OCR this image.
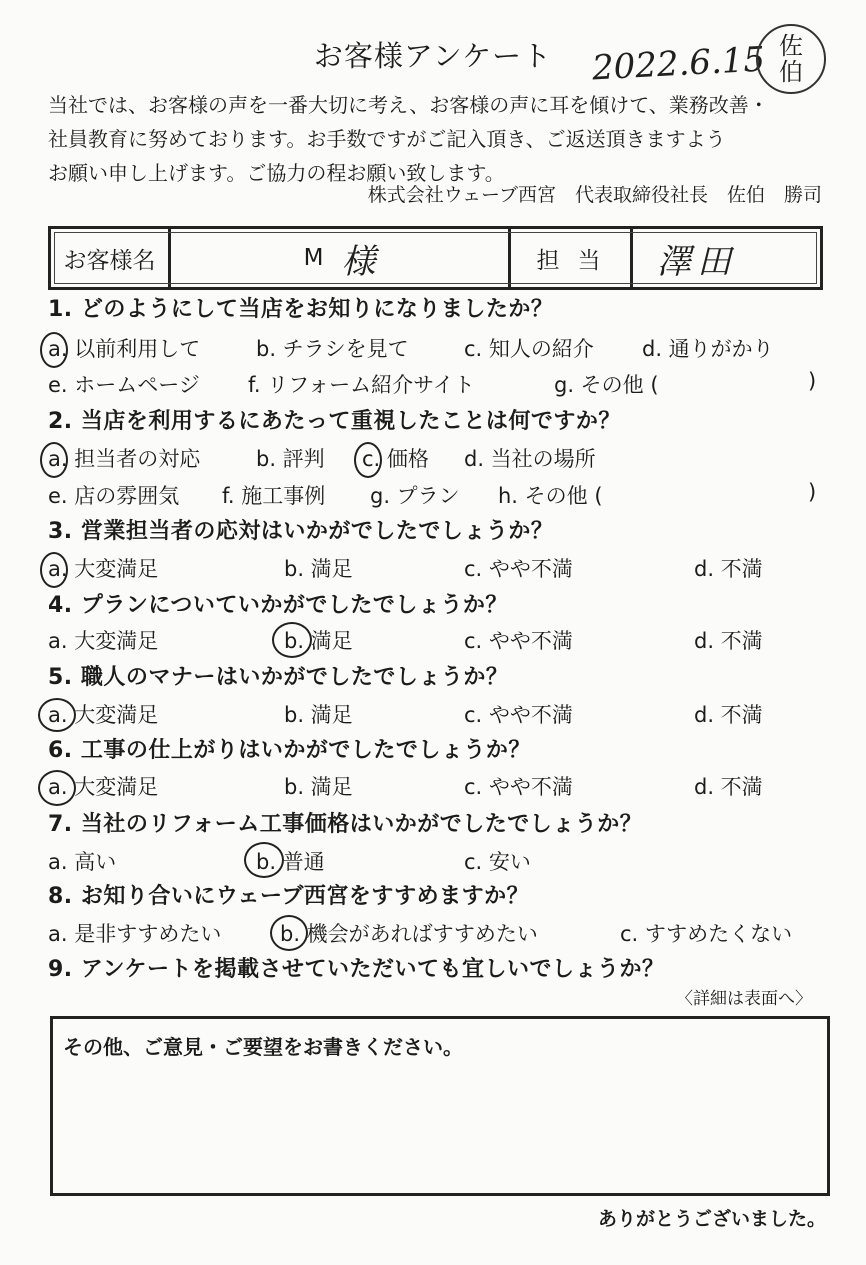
お客様アンケート	2022.6.15 佐
伯
当社では、お客様の声を一番大切に考え、お客様の声に耳を傾けて、業務改善・
社員教育に努めております。お手数ですがご記入頂き、ご返送頂きますよう
お願い申し上げます。ご協力の程お願い致します。
株式会社ウェーブ西宮　代表取締役社長　佐伯　勝司
お客様名	M 様	担当	澤田
1. どのようにして当店をお知りになりましたか？
a. 以前利用して	b. チラシを見て	c. 知人の紹介 d. 通りがかり
e. ホームページ f. リフォーム紹介サイト	g. その他 (	)
2. 当店を利用するにあたって重視したことは何ですか？
a. 担当者の対応	b. 評判 c. 価格 d. 当社の場所
e. 店の雰囲気 f. 施工事例 g. プラン h. その他 (	)
3. 営業担当者の応対はいかがでしたでしょうか？
a. 大変満足	b. 満足	c. やや不満	d. 不満
4. プランについていかがでしたでしょうか？
a. 大変満足	b. 満足	c. やや不満	d. 不満
5. 職人のマナーはいかがでしたでしょうか？
a. 大変満足	b. 満足	c. やや不満	d. 不満
6. 工事の仕上がりはいかがでしたでしょうか？
a. 大変満足	b. 満足	c. やや不満	d. 不満
7. 当社のリフォーム工事価格はいかがでしたでしょうか？
a. 高い	b. 普通	c. 安い
8. お知り合いにウェーブ西宮をすすめますか？
a. 是非すすめたい	b. 機会があればすすめたい	c. すすめたくない
9. アンケートを掲載させていただいても宜しいでしょうか？
〈詳細は表面へ〉
その他、ご意見・ご要望をお書きください。
ありがとうございました。
